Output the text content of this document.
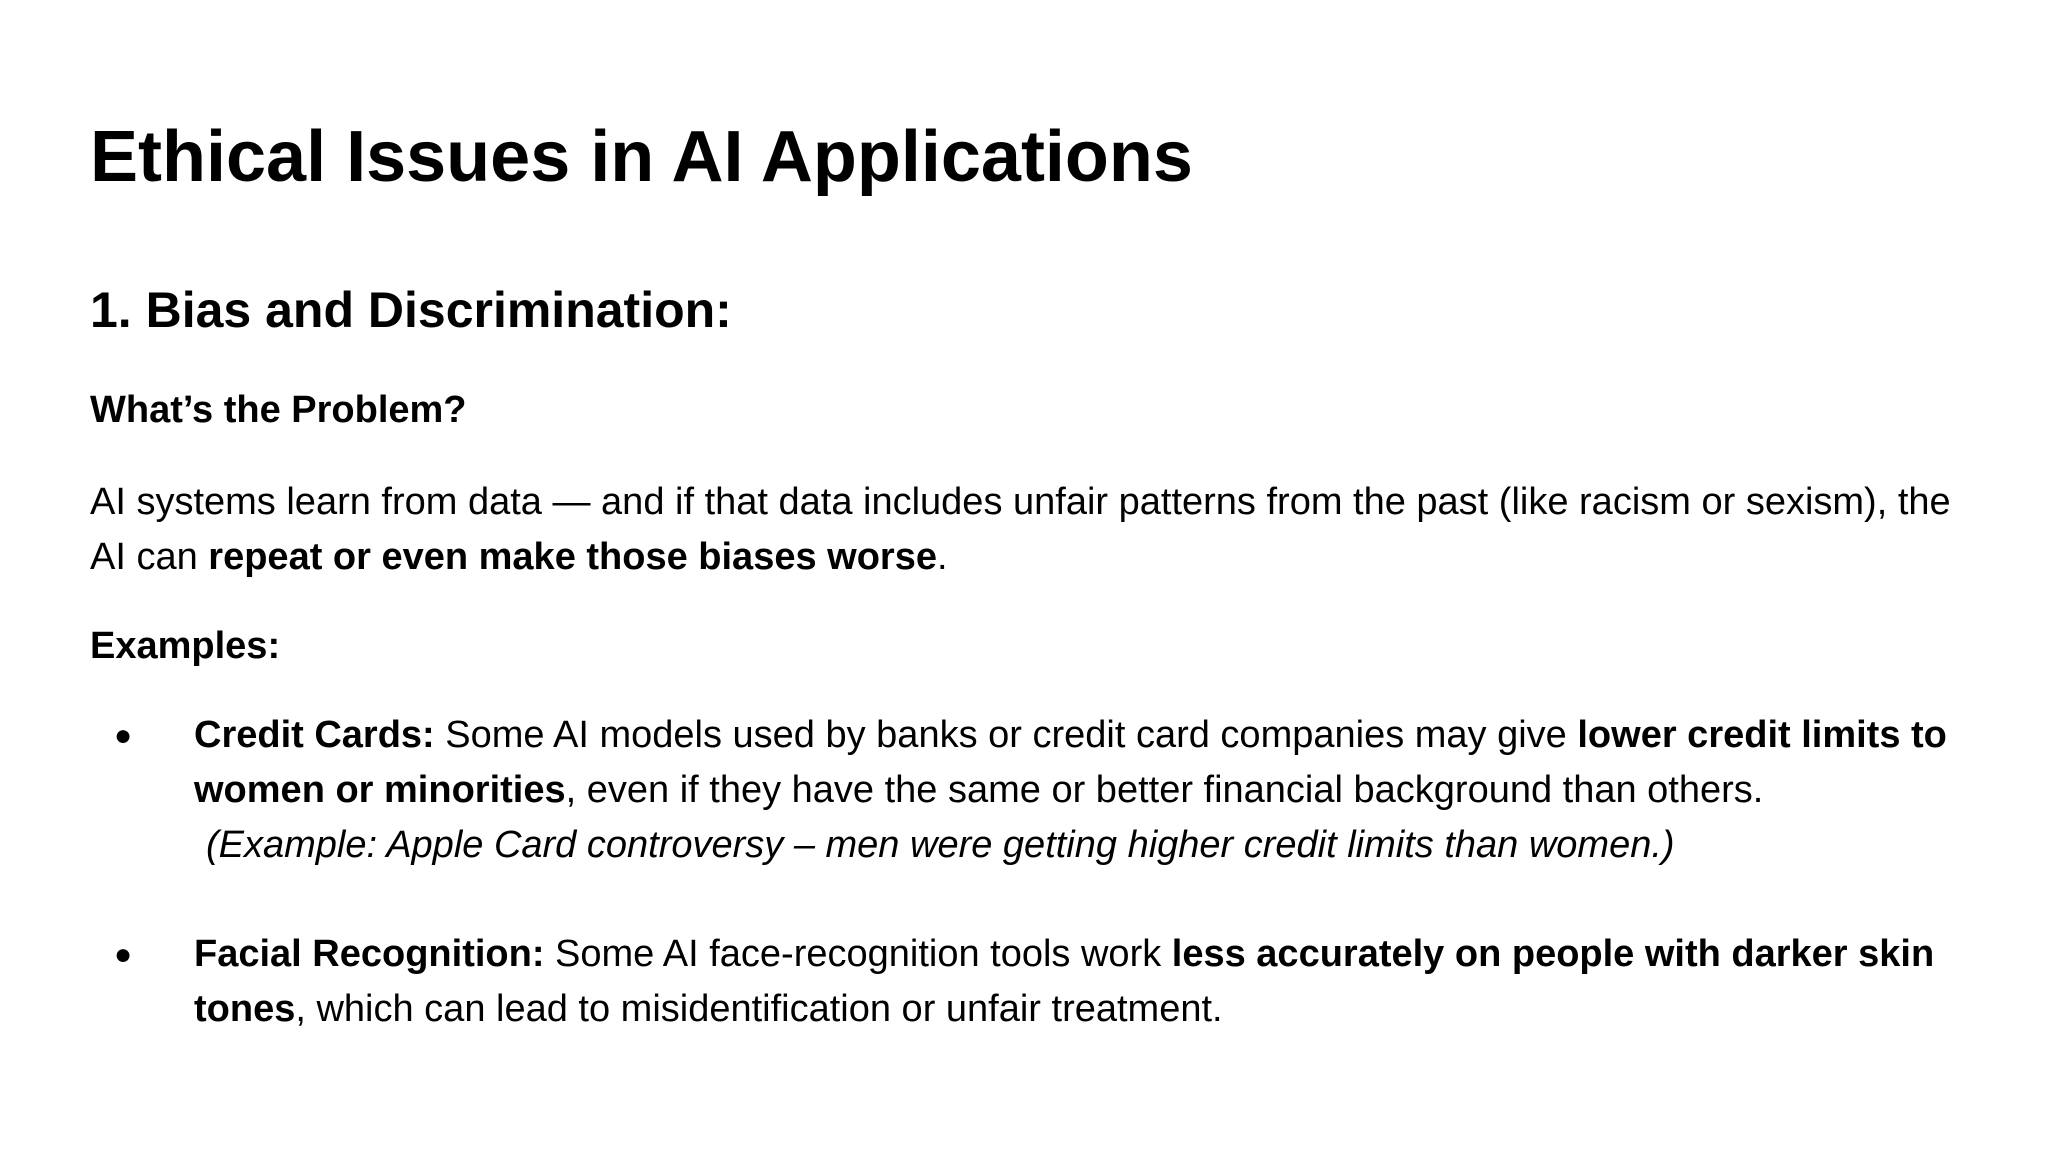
Ethical Issues in AI Applications
1. Bias and Discrimination:
What’s the Problem?

AI systems learn from data — and if that data includes unfair patterns from the past (like racism or sexism), the AI can repeat or even make those biases worse.

Examples:
● Credit Cards: Some AI models used by banks or credit card companies may give lower credit limits to women or minorities, even if they have the same or better financial background than others.
(Example: Apple Card controversy – men were getting higher credit limits than women.)
● Facial Recognition: Some AI face-recognition tools work less accurately on people with darker skin tones, which can lead to misidentification or unfair treatment.
